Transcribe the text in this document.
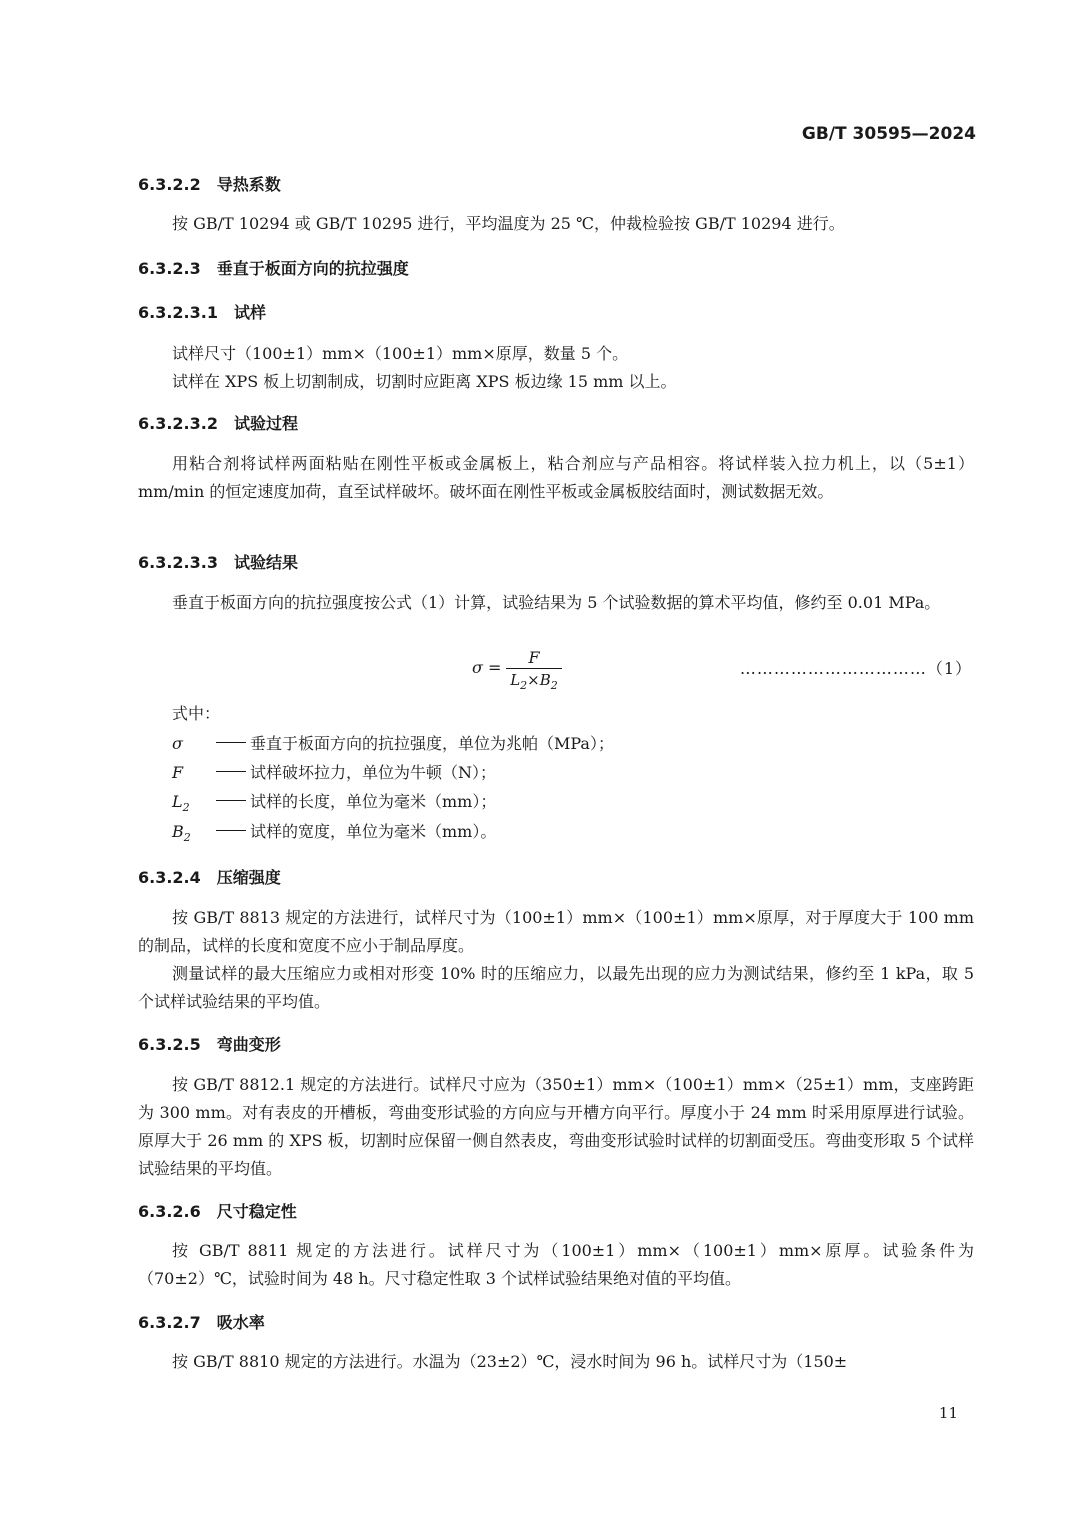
GB/T 30595—2024
6.3.2.2 导热系数

按 GB/T 10294 或 GB/T 10295 进行，平均温度为 25 ℃，仲裁检验按 GB/T 10294 进行。

6.3.2.3 垂直于板面方向的抗拉强度
6.3.2.3.1 试样
试样尺寸（100±1）mm×（100±1）mm×原厚，数量 5 个。
试样在 XPS 板上切割制成，切割时应距离 XPS 板边缘 15 mm 以上。
6.3.2.3.2 试验过程

用粘合剂将试样两面粘贴在刚性平板或金属板上，粘合剂应与产品相容。将试样装入拉力机上，以（5±1）mm/min 的恒定速度加荷，直至试样破坏。破坏面在刚性平板或金属板胶结面时，测试数据无效。

6.3.2.3.3 试验结果

垂直于板面方向的抗拉强度按公式（1）计算，试验结果为 5 个试验数据的算术平均值，修约至 0.01 MPa。

σ =
F
$L_2\times B_2$
……………………………（1）
式中：
σ	垂直于板面方向的抗拉强度，单位为兆帕（MPa）；
F	试样破坏拉力，单位为牛顿（N）；
$L_2$	试样的长度，单位为毫米（mm）；
$B_2$	试样的宽度，单位为毫米（mm）。
6.3.2.4 压缩强度

按 GB/T 8813 规定的方法进行，试样尺寸为（100±1）mm×（100±1）mm×原厚，对于厚度大于 100 mm 的制品，试样的长度和宽度不应小于制品厚度。

测量试样的最大压缩应力或相对形变 10% 时的压缩应力，以最先出现的应力为测试结果，修约至 1 kPa，取 5 个试样试验结果的平均值。

6.3.2.5 弯曲变形

按 GB/T 8812.1 规定的方法进行。试样尺寸应为（350±1）mm×（100±1）mm×（25±1）mm，支座跨距为 300 mm。对有表皮的开槽板，弯曲变形试验的方向应与开槽方向平行。厚度小于 24 mm 时采用原厚进行试验。原厚大于 26 mm 的 XPS 板，切割时应保留一侧自然表皮，弯曲变形试验时试样的切割面受压。弯曲变形取 5 个试样试验结果的平均值。

6.3.2.6 尺寸稳定性

按 GB/T 8811 规定的方法进行。试样尺寸为（100±1）mm×（100±1）mm×原厚。试验条件为（70±2）℃，试验时间为 48 h。尺寸稳定性取 3 个试样试验结果绝对值的平均值。

6.3.2.7 吸水率

按 GB/T 8810 规定的方法进行。水温为（23±2）℃，浸水时间为 96 h。试样尺寸为（150±

11
